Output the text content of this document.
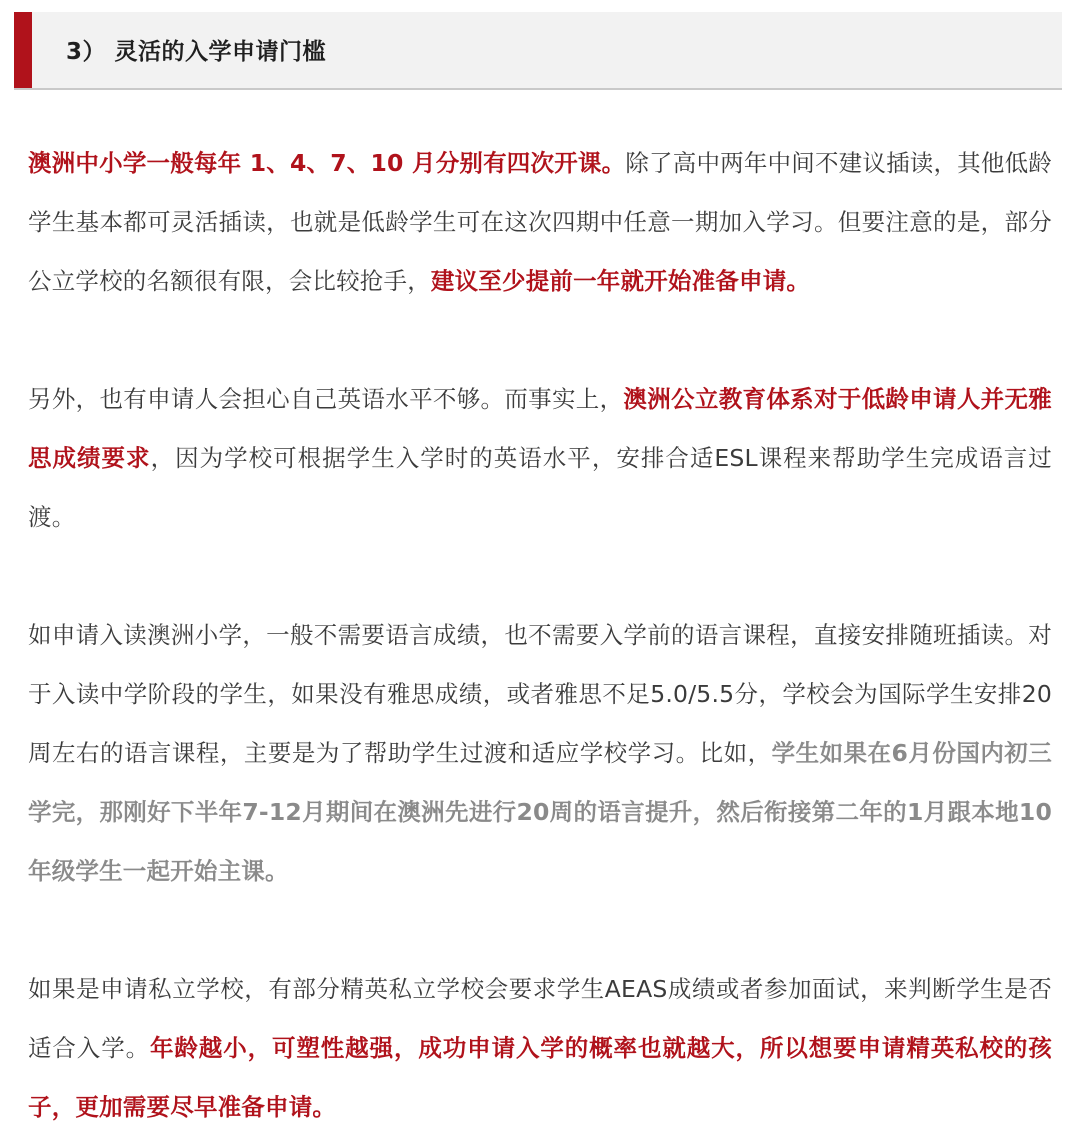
3） 灵活的入学申请门槛

澳洲中小学一般每年 1、4、7、10 月分别有四次开课。除了高中两年中间不建议插读，其他低龄学生基本都可灵活插读，也就是低龄学生可在这次四期中任意一期加入学习。但要注意的是，部分公立学校的名额很有限，会比较抢手，建议至少提前一年就开始准备申请。

另外，也有申请人会担心自己英语水平不够。而事实上，澳洲公立教育体系对于低龄申请人并无雅思成绩要求，因为学校可根据学生入学时的英语水平，安排合适ESL课程来帮助学生完成语言过渡。

如申请入读澳洲小学，一般不需要语言成绩，也不需要入学前的语言课程，直接安排随班插读。对于入读中学阶段的学生，如果没有雅思成绩，或者雅思不足5.0/5.5分，学校会为国际学生安排20周左右的语言课程，主要是为了帮助学生过渡和适应学校学习。比如，学生如果在6月份国内初三学完，那刚好下半年7-12月期间在澳洲先进行20周的语言提升，然后衔接第二年的1月跟本地10年级学生一起开始主课。

如果是申请私立学校，有部分精英私立学校会要求学生AEAS成绩或者参加面试，来判断学生是否适合入学。年龄越小，可塑性越强，成功申请入学的概率也就越大，所以想要申请精英私校的孩子，更加需要尽早准备申请。
